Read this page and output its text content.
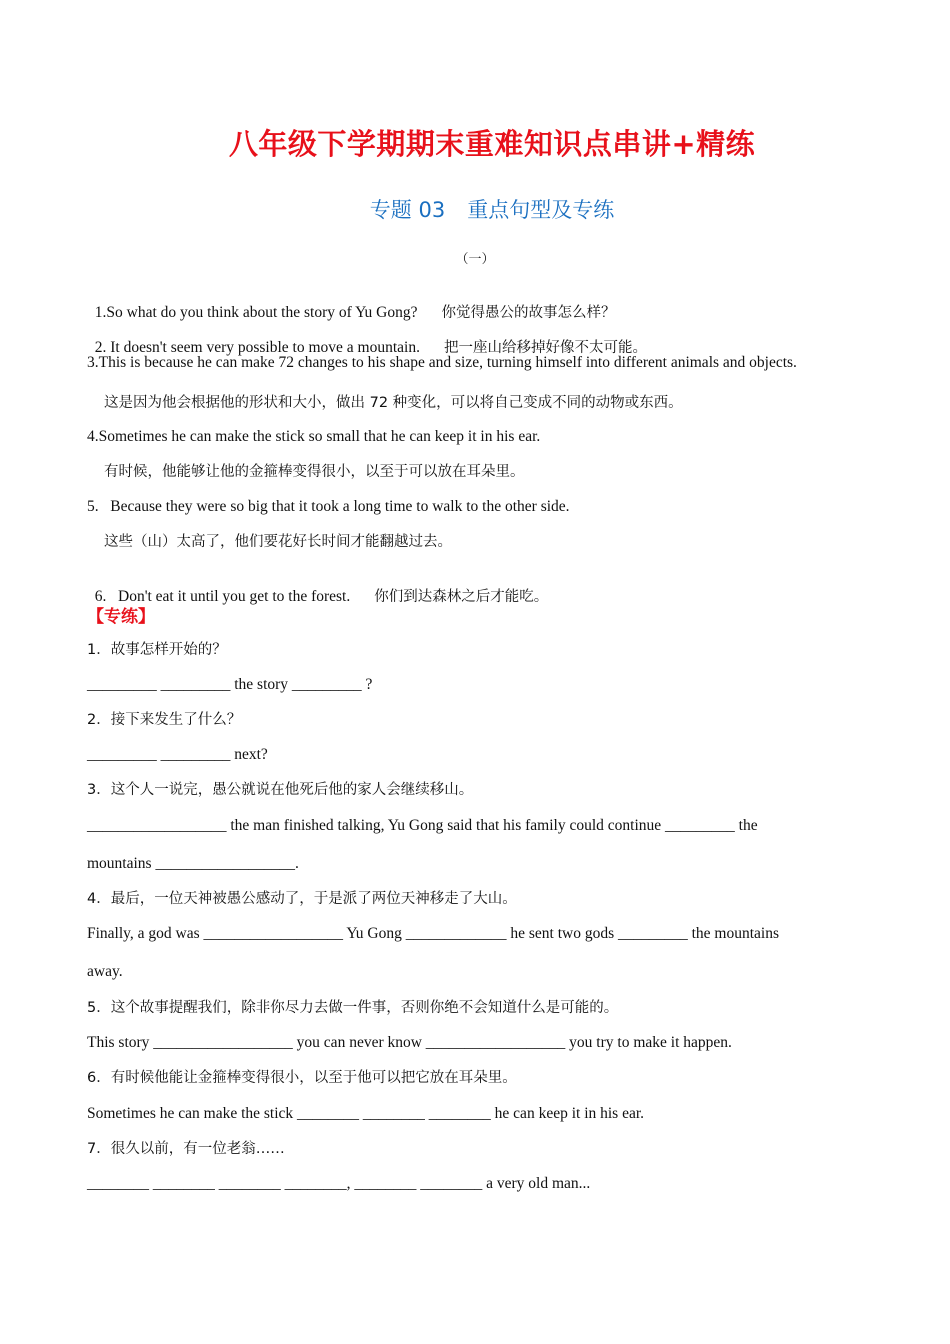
八年级下学期期末重难知识点串讲+精练
专题 03 重点句型及专练
（一）

1.So what do you think about the story of Yu Gong? 你觉得愚公的故事怎么样？

2. It doesn't seem very possible to move a mountain. 把一座山给移掉好像不太可能。

3.This is because he can make 72 changes to his shape and size, turning himself into different animals and objects.
这是因为他会根据他的形状和大小，做出 72 种变化，可以将自己变成不同的动物或东西。
4.Sometimes he can make the stick so small that he can keep it in his ear.
有时候，他能够让他的金箍棒变得很小，以至于可以放在耳朵里。
5.   Because they were so big that it took a long time to walk to the other side.
这些（山）太高了，他们要花好长时间才能翻越过去。

6.   Don't eat it until you get to the forest. 你们到达森林之后才能吃。

【专练】
1．故事怎样开始的？
_________ _________ the story _________ ?
2．接下来发生了什么？
_________ _________ next?
3．这个人一说完，愚公就说在他死后他的家人会继续移山。
__________________ the man finished talking, Yu Gong said that his family could continue _________ the
mountains __________________.
4．最后，一位天神被愚公感动了，于是派了两位天神移走了大山。
Finally, a god was __________________ Yu Gong _____________ he sent two gods _________ the mountains
away.
5．这个故事提醒我们，除非你尽力去做一件事，否则你绝不会知道什么是可能的。
This story __________________ you can never know __________________ you try to make it happen.
6．有时候他能让金箍棒变得很小，以至于他可以把它放在耳朵里。
Sometimes he can make the stick ________ ________ ________ he can keep it in his ear.
7．很久以前，有一位老翁……
________ ________ ________ ________, ________ ________ a very old man...
